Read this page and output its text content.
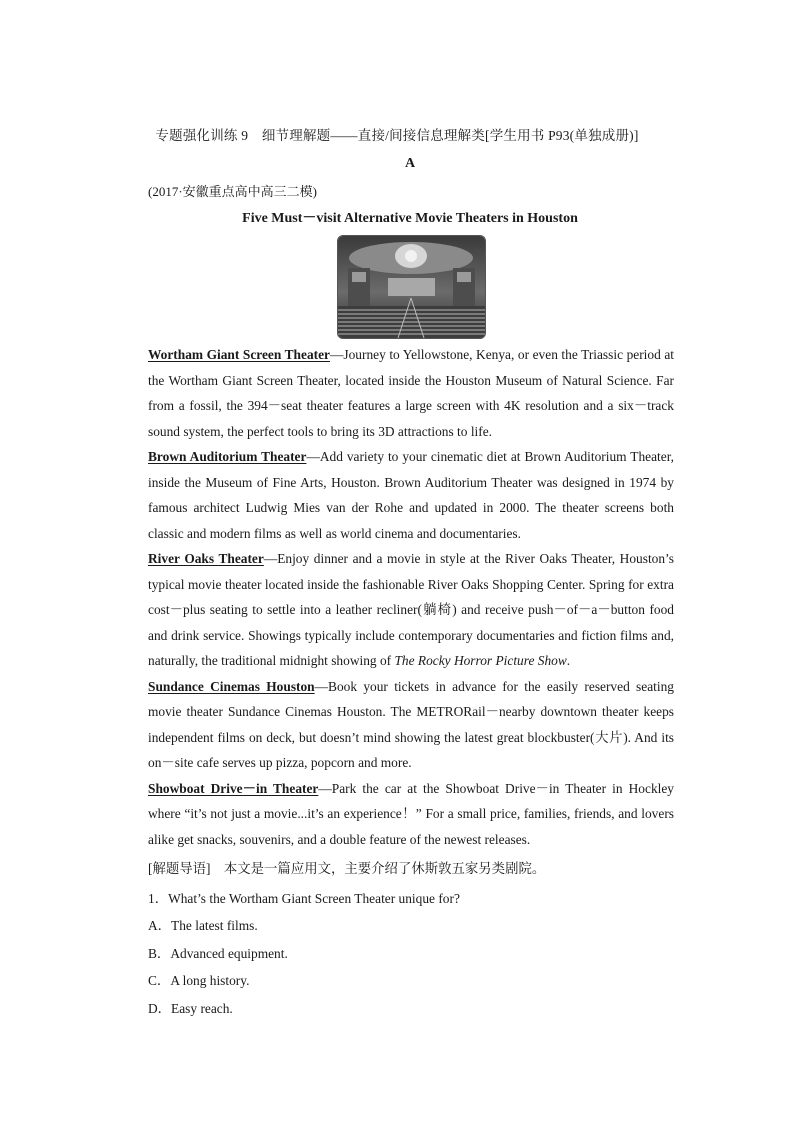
专题强化训练 9　细节理解题——直接/间接信息理解类[学生用书 P93(单独成册)]
A
(2017·安徽重点高中高三二模)
Five Must－visit Alternative Movie Theaters in Houston

Wortham Giant Screen Theater—Journey to Yellowstone, Kenya, or even the Triassic period at the Wortham Giant Screen Theater, located inside the Houston Museum of Natural Science. Far from a fossil, the 394－seat theater features a large screen with 4K resolution and a six－track sound system, the perfect tools to bring its 3D attractions to life.

Brown Auditorium Theater—Add variety to your cinematic diet at Brown Auditorium Theater, inside the Museum of Fine Arts, Houston. Brown Auditorium Theater was designed in 1974 by famous architect Ludwig Mies van der Rohe and updated in 2000. The theater screens both classic and modern films as well as world cinema and documentaries.

River Oaks Theater—Enjoy dinner and a movie in style at the River Oaks Theater, Houston’s typical movie theater located inside the fashionable River Oaks Shopping Center. Spring for extra cost－plus seating to settle into a leather recliner(躺椅) and receive push－of－a－button food and drink service. Showings typically include contemporary documentaries and fiction films and, naturally, the traditional midnight showing of The Rocky Horror Picture Show.

Sundance Cinemas Houston—Book your tickets in advance for the easily reserved seating movie theater Sundance Cinemas Houston. The METRORail－nearby downtown theater keeps independent films on deck, but doesn’t mind showing the latest great blockbuster(大片). And its on－site cafe serves up pizza, popcorn and more.

Showboat Drive－in Theater—Park the car at the Showboat Drive－in Theater in Hockley where “it’s not just a movie...it’s an experience！” For a small price, families, friends, and lovers alike get snacks, souvenirs, and a double feature of the newest releases.

[解题导语]　本文是一篇应用文，主要介绍了休斯敦五家另类剧院。

1．What’s the Wortham Giant Screen Theater unique for?

A．The latest films.

B．Advanced equipment.

C．A long history.

D．Easy reach.
